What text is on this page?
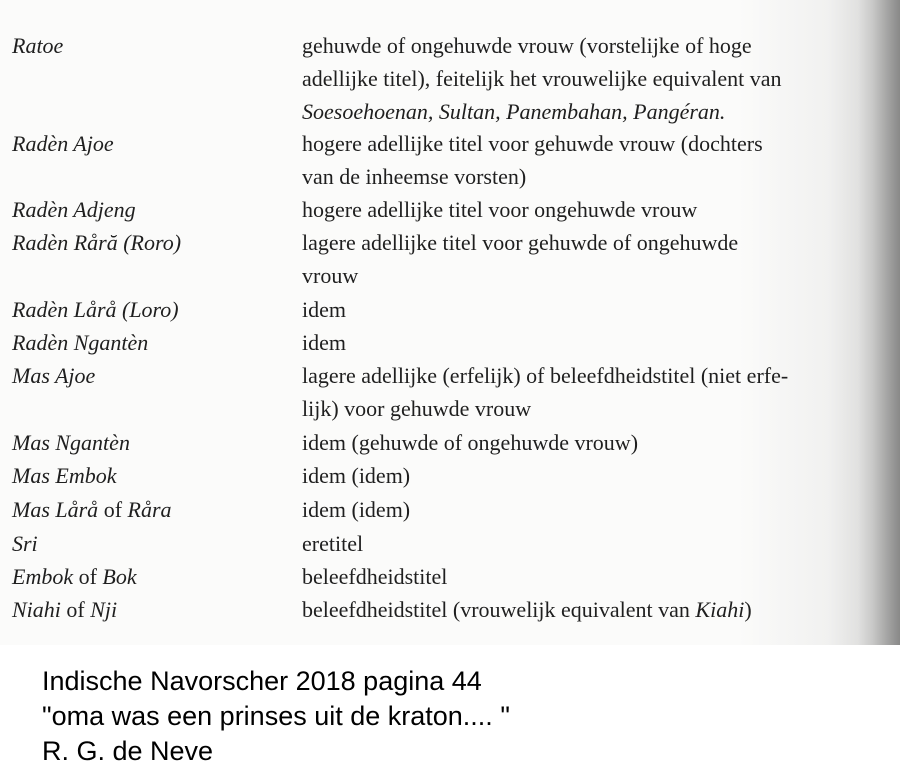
Ratoe	gehuwde of ongehuwde vrouw (vorstelijke of hoge
adellijke titel), feitelijk het vrouwelijke equivalent van
Soesoehoenan, Sultan, Panembahan, Pangéran.
Radèn Ajoe	hogere adellijke titel voor gehuwde vrouw (dochters
van de inheemse vorsten)
Radèn Adjeng	hogere adellijke titel voor ongehuwde vrouw
Radèn Råră (Roro)	lagere adellijke titel voor gehuwde of ongehuwde
vrouw
Radèn Lårå (Loro)	idem
Radèn Ngantèn	idem
Mas Ajoe	lagere adellijke (erfelijk) of beleefdheidstitel (niet erfe-
lijk) voor gehuwde vrouw
Mas Ngantèn	idem (gehuwde of ongehuwde vrouw)
Mas Embok	idem (idem)
Mas Lårå of Råra	idem (idem)
Sri	eretitel
Embok of Bok	beleefdheidstitel
Niahi of Nji	beleefdheidstitel (vrouwelijk equivalent van Kiahi)
Indische Navorscher 2018 pagina 44
"oma was een prinses uit de kraton.... "
R. G. de Neve
